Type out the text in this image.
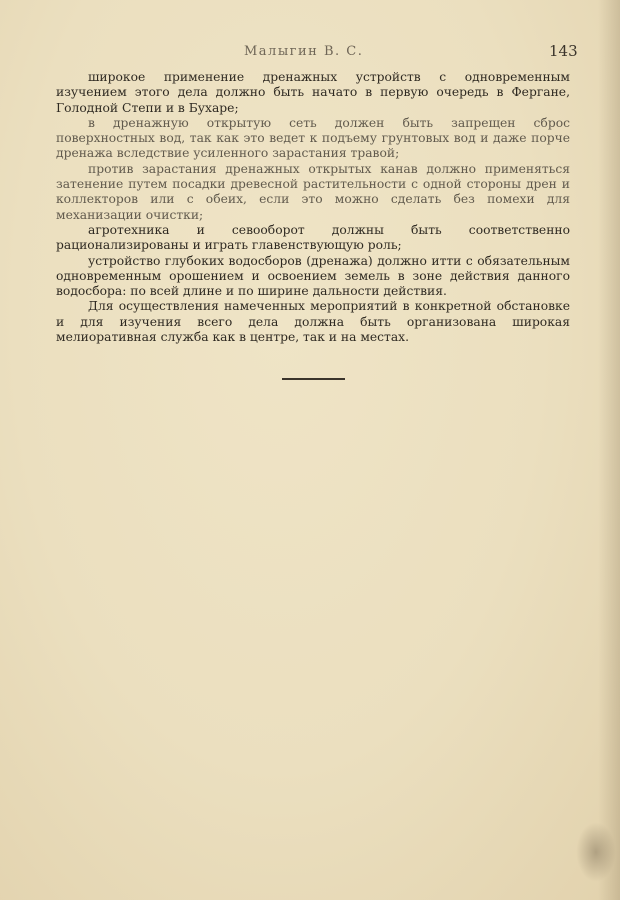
Малыгин В. С.	143

широкое применение дренажных устройств с одновременным изучением этого дела должно быть начато в первую очередь в Фергане, Голодной Степи и в Бухаре;

в дренажную открытую сеть должен быть запрещен сброс поверхностных вод, так как это ведет к подъему грунтовых вод и даже порче дренажа вследствие усиленного зарастания травой;

против зарастания дренажных открытых канав должно применяться затенение путем посадки древесной растительности с одной стороны дрен и коллекторов или с обеих, если это можно сделать без помехи для механизации очистки;

агротехника и севооборот должны быть соответственно рационализированы и играть главенствующую роль;

устройство глубоких водосборов (дренажа) должно итти с обязательным одновременным орошением и освоением земель в зоне действия данного водосбора: по всей длине и по ширине дальности действия.

Для осуществления намеченных мероприятий в конкретной обстановке и для изучения всего дела должна быть организована широкая мелиоративная служба как в центре, так и на местах.
